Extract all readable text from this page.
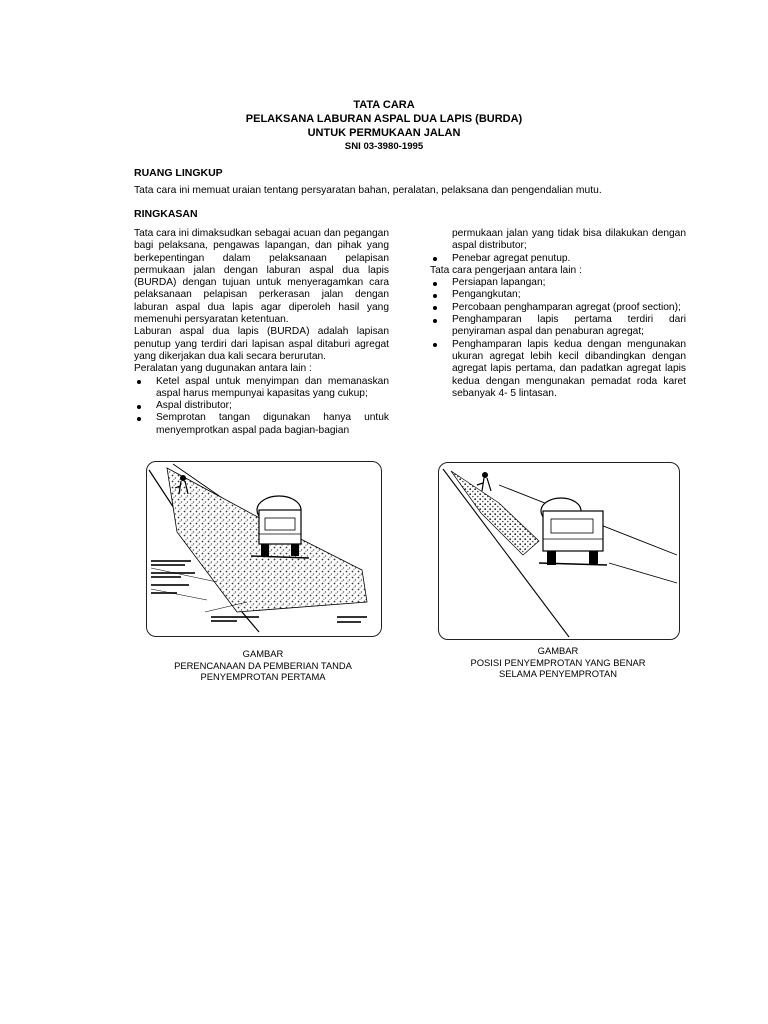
TATA CARA
PELAKSANA LABURAN ASPAL DUA LAPIS (BURDA)
UNTUK PERMUKAAN JALAN
SNI 03-3980-1995
RUANG LINGKUP
Tata cara ini memuat uraian tentang persyaratan bahan, peralatan, pelaksana dan pengendalian mutu.
RINGKASAN

Tata cara ini dimaksudkan sebagai acuan dan pegangan bagi pelaksana, pengawas lapangan, dan pihak yang berkepentingan dalam pelaksanaan pelapisan permukaan jalan dengan laburan aspal dua lapis (BURDA) dengan tujuan untuk menyeragamkan cara pelaksanaan pelapisan perkerasan jalan dengan laburan aspal dua lapis agar diperoleh hasil yang memenuhi persyaratan ketentuan.

Laburan aspal dua lapis (BURDA) adalah lapisan penutup yang terdiri dari lapisan aspal ditaburi agregat yang dikerjakan dua kali secara berurutan.

Peralatan yang dugunakan antara lain :

Ketel aspal untuk menyimpan dan memanaskan aspal harus mempunyai kapasitas yang cukup;
Aspal distributor;
Semprotan tangan digunakan hanya untuk menyemprotkan aspal pada bagian-bagian

permukaan jalan yang tidak bisa dilakukan dengan aspal distributor;

Penebar agregat penutup.

Tata cara pengerjaan antara lain :

Persiapan lapangan;
Pengangkutan;
Percobaan penghamparan agregat (proof section);
Penghamparan lapis pertama terdiri dari penyiraman aspal dan penaburan agregat;
Penghamparan lapis kedua dengan mengunakan ukuran agregat lebih kecil dibandingkan dengan agregat lapis pertama, dan padatkan agregat lapis kedua dengan mengunakan pemadat roda karet sebanyak 4- 5 lintasan.
GAMBAR
PERENCANAAN DA PEMBERIAN TANDA
PENYEMPROTAN PERTAMA
GAMBAR
POSISI PENYEMPROTAN YANG BENAR
SELAMA PENYEMPROTAN
